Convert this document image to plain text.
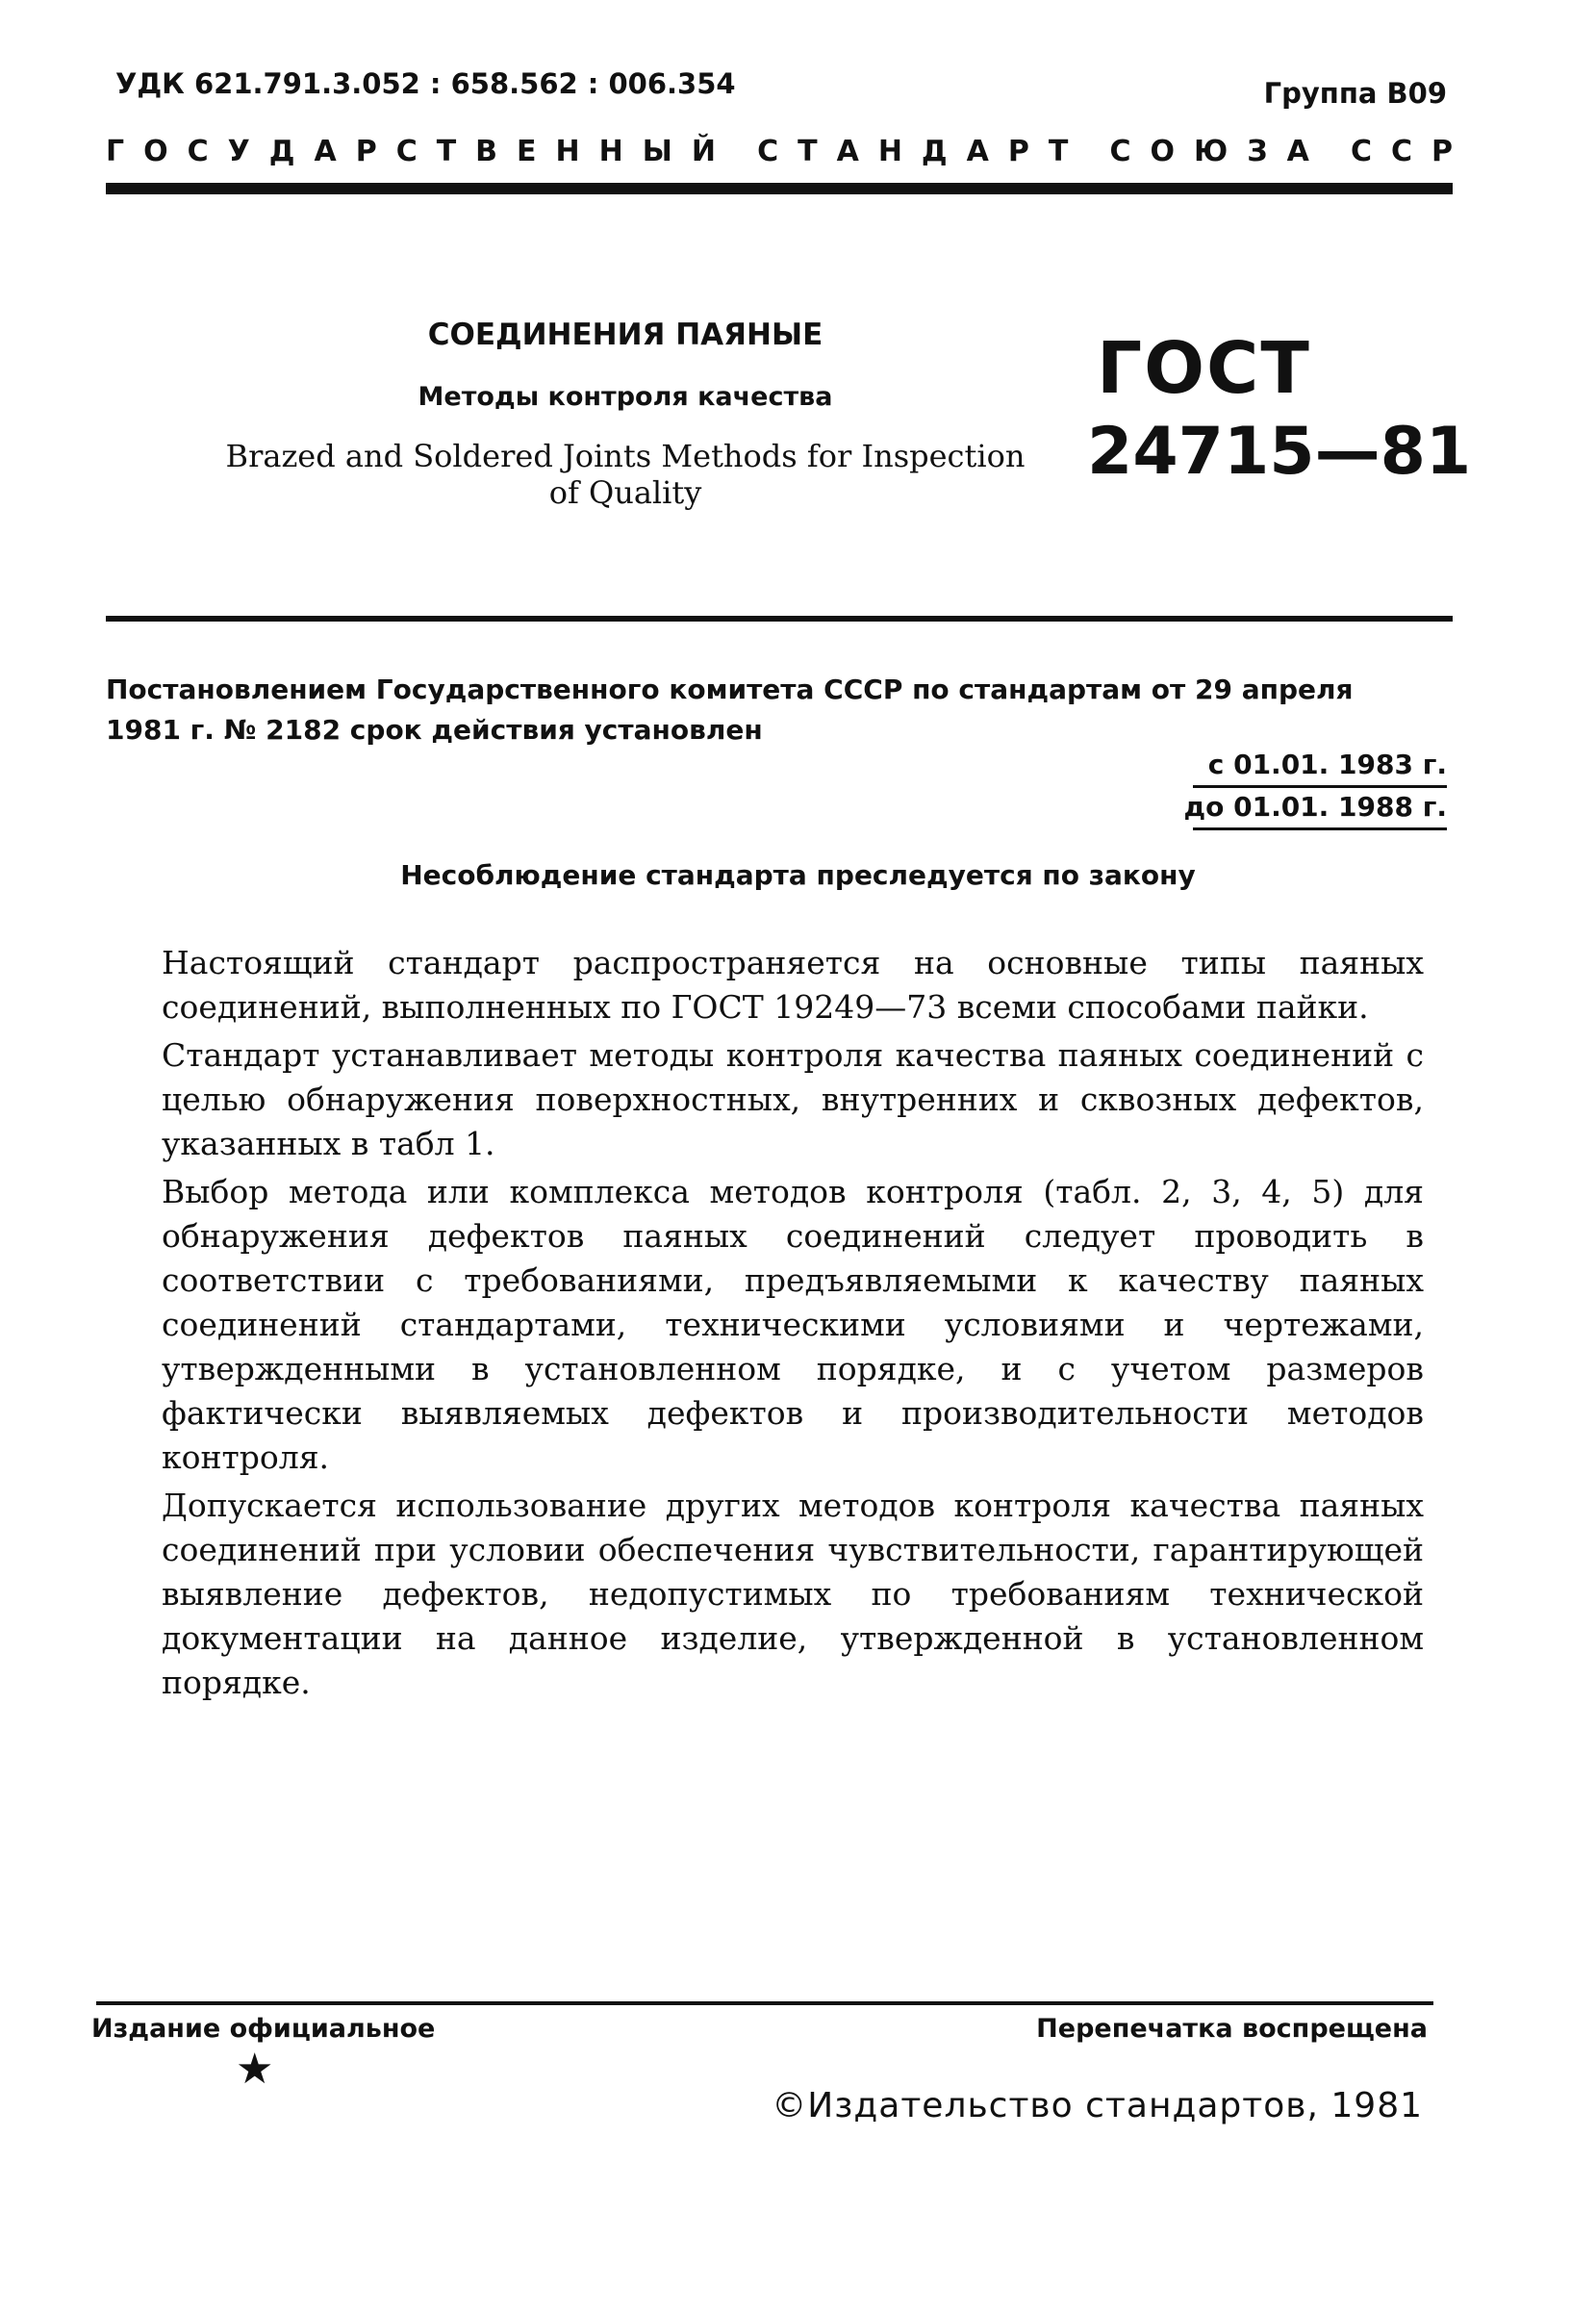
УДК 621.791.3.052 : 658.562 : 006.354	Группа В09
ГОСУДАРСТВЕННЫЙ СТАНДАРТ СОЮЗА ССР
СОЕДИНЕНИЯ ПАЯНЫЕ
Методы контроля качества
Brazed and Soldered Joints Methods for Inspection
of Quality
ГОСТ
24715—81
Постановлением Государственного комитета СССР по стандартам от 29 апреля
1981 г. № 2182 срок действия установлен
с 01.01. 1983 г.
до 01.01. 1988 г.
Несоблюдение стандарта преследуется по закону

Настоящий стандарт распространяется на основные типы паяных соединений, выполненных по ГОСТ 19249—73 всеми способами пайки.

Стандарт устанавливает методы контроля качества паяных соединений с целью обнаружения поверхностных, внутренних и сквозных дефектов, указанных в табл 1.

Выбор метода или комплекса методов контроля (табл. 2, 3, 4, 5) для обнаружения дефектов паяных соединений следует проводить в соответствии с требованиями, предъявляемыми к качеству паяных соединений стандартами, техническими условиями и чертежами, утвержденными в установленном порядке, и с учетом размеров фактически выявляемых дефектов и производительности методов контроля.

Допускается использование других методов контроля качества паяных соединений при условии обеспечения чувствительности, гарантирующей выявление дефектов, недопустимых по требованиям технической документации на данное изделие, утвержденной в установленном порядке.

Издание официальное	Перепечатка воспрещена
★
©Издательство стандартов, 1981
